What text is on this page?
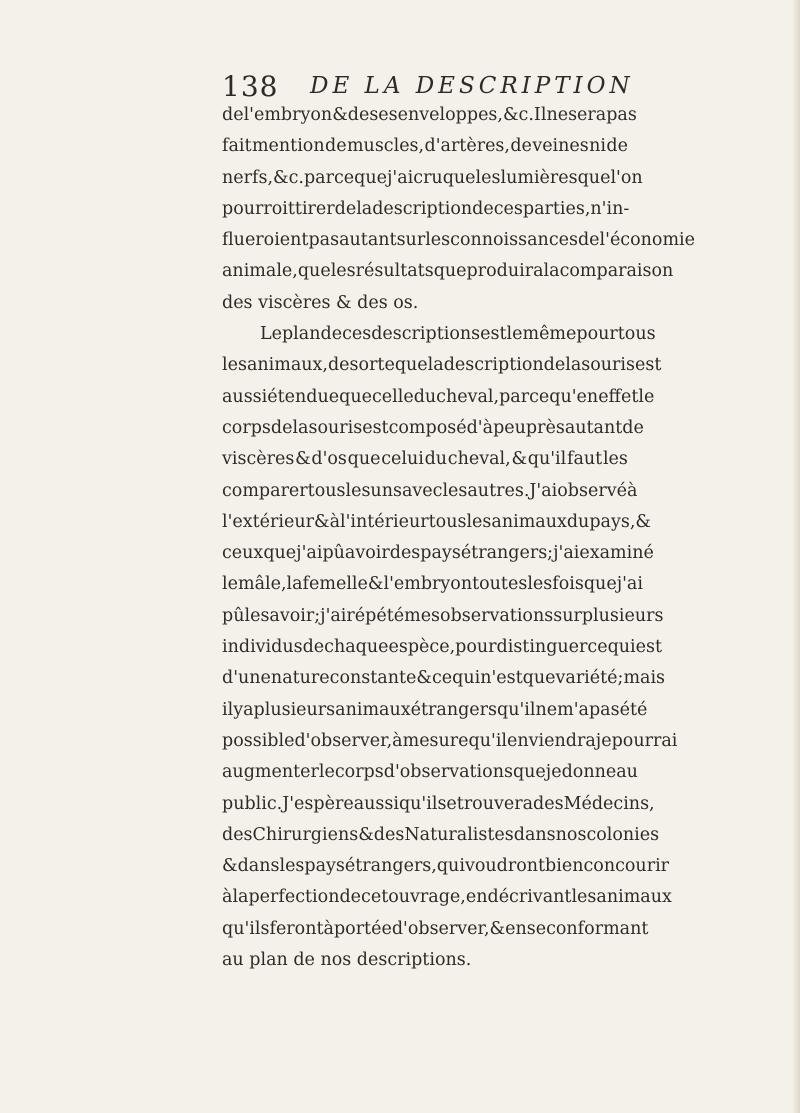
138 DE LA DESCRIPTION
de l'embryon & de ses enveloppes, &c. Il ne sera pas
fait mention de muscles, d'artères, de veines ni de
nerfs, &c. parce que j'ai cru que les lumières que l'on
pourroit tirer de la description de ces parties, n'in-
flueroient pas autant sur les connoissances de l'économie
animale, que les résultats que produira la comparaison
des viscères & des os.
Le plan de ces descriptions est le même pour tous
les animaux, de sorte que la description de la souris est
aussi étendue que celle du cheval, parce qu'en effet le
corps de la souris est composé d'à peu près autant de
viscères & d'os que celui du cheval, & qu'il faut les
comparer tous les uns avec les autres. J'ai observé à
l'extérieur & à l'intérieur tous les animaux du pays, &
ceux que j'ai pû avoir des pays étrangers; j'ai examiné
le mâle, la femelle & l'embryon toutes les fois que j'ai
pû les avoir; j'ai répété mes observations sur plusieurs
individus de chaque espèce, pour distinguer ce qui est
d'une nature constante & ce qui n'est que variété; mais
il y a plusieurs animaux étrangers qu'il ne m'a pas été
possible d'observer, à mesure qu'il en viendra je pourrai
augmenter le corps d'observations que je donne au
public. J'espère aussi qu'il se trouvera des Médecins,
des Chirurgiens & des Naturalistes dans nos colonies
& dans les pays étrangers, qui voudront bien concourir
à la perfection de cet ouvrage, en décrivant les animaux
qu'ils feront à portée d'observer, & en se conformant
au plan de nos descriptions.
